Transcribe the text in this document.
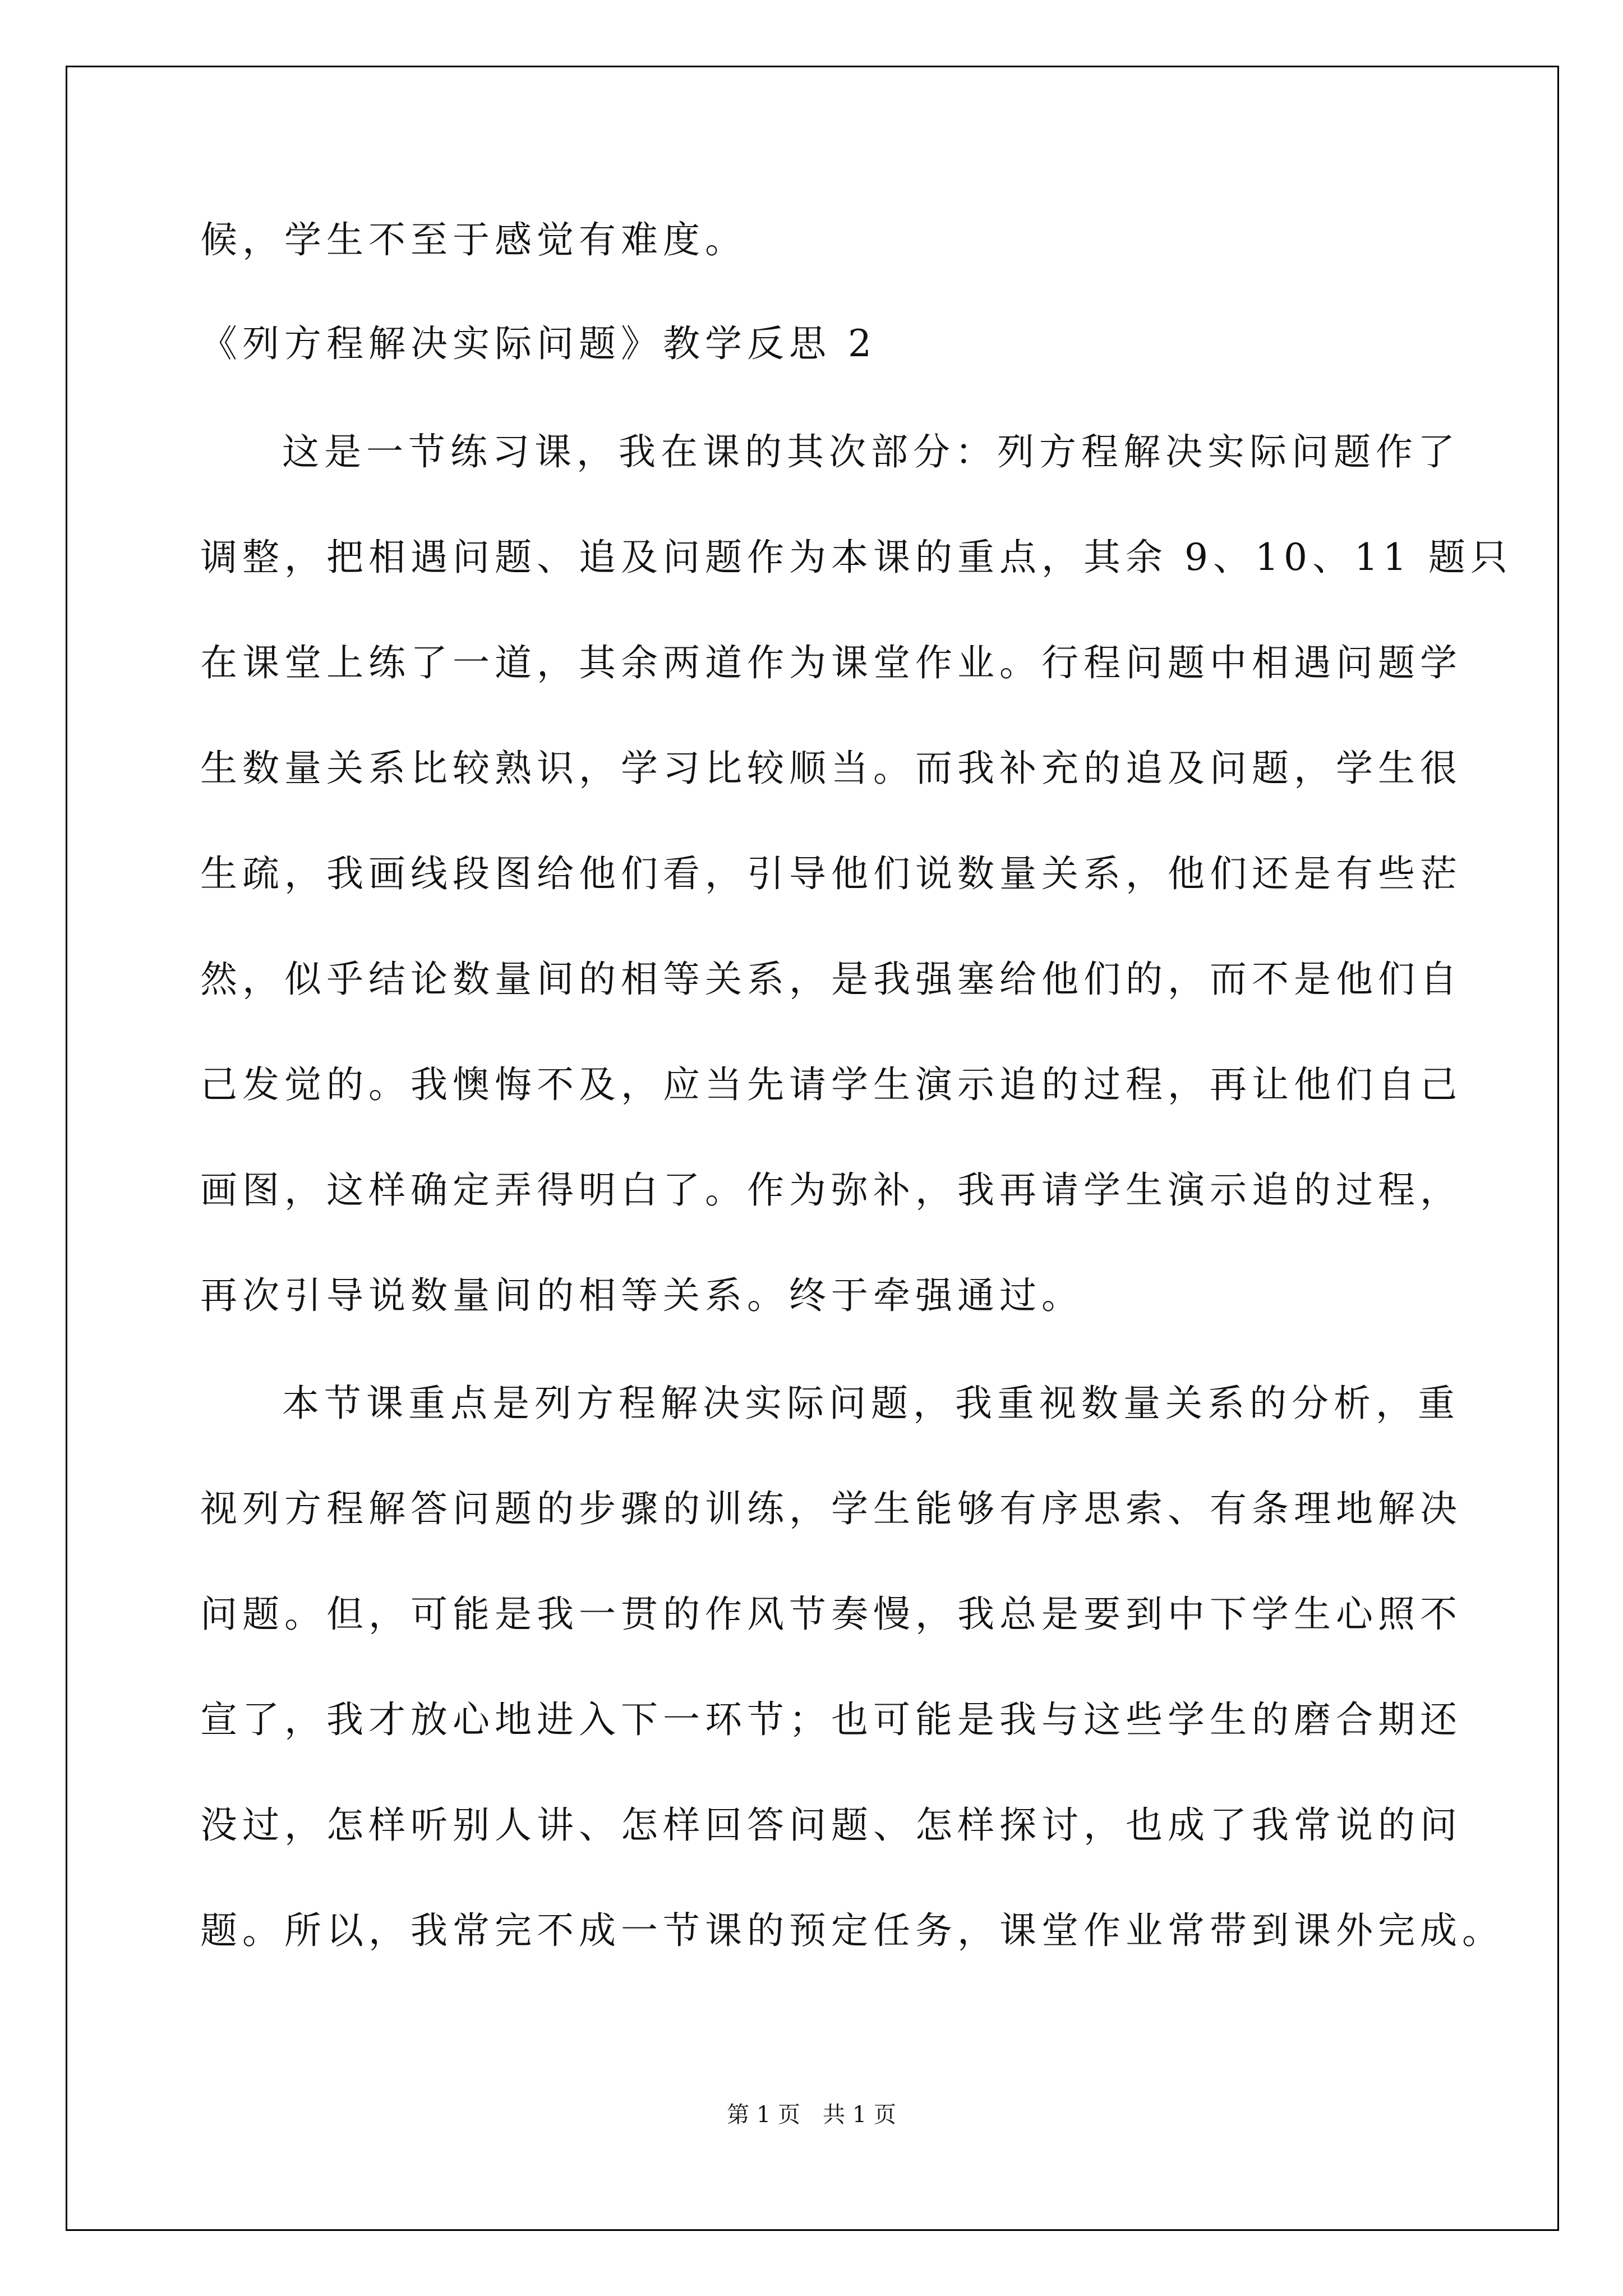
候，学生不至于感觉有难度。
《列方程解决实际问题》教学反思 2
这是一节练习课，我在课的其次部分：列方程解决实际问题作了
调整，把相遇问题、追及问题作为本课的重点，其余 9、10、11 题只
在课堂上练了一道，其余两道作为课堂作业。行程问题中相遇问题学
生数量关系比较熟识，学习比较顺当。而我补充的追及问题，学生很
生疏，我画线段图给他们看，引导他们说数量关系，他们还是有些茫
然，似乎结论数量间的相等关系，是我强塞给他们的，而不是他们自
己发觉的。我懊悔不及，应当先请学生演示追的过程，再让他们自己
画图，这样确定弄得明白了。作为弥补，我再请学生演示追的过程，
再次引导说数量间的相等关系。终于牵强通过。
本节课重点是列方程解决实际问题，我重视数量关系的分析，重
视列方程解答问题的步骤的训练，学生能够有序思索、有条理地解决
问题。但，可能是我一贯的作风节奏慢，我总是要到中下学生心照不
宣了，我才放心地进入下一环节；也可能是我与这些学生的磨合期还
没过，怎样听别人讲、怎样回答问题、怎样探讨，也成了我常说的问
题。所以，我常完不成一节课的预定任务，课堂作业常带到课外完成。
第 1 页　共 1 页
